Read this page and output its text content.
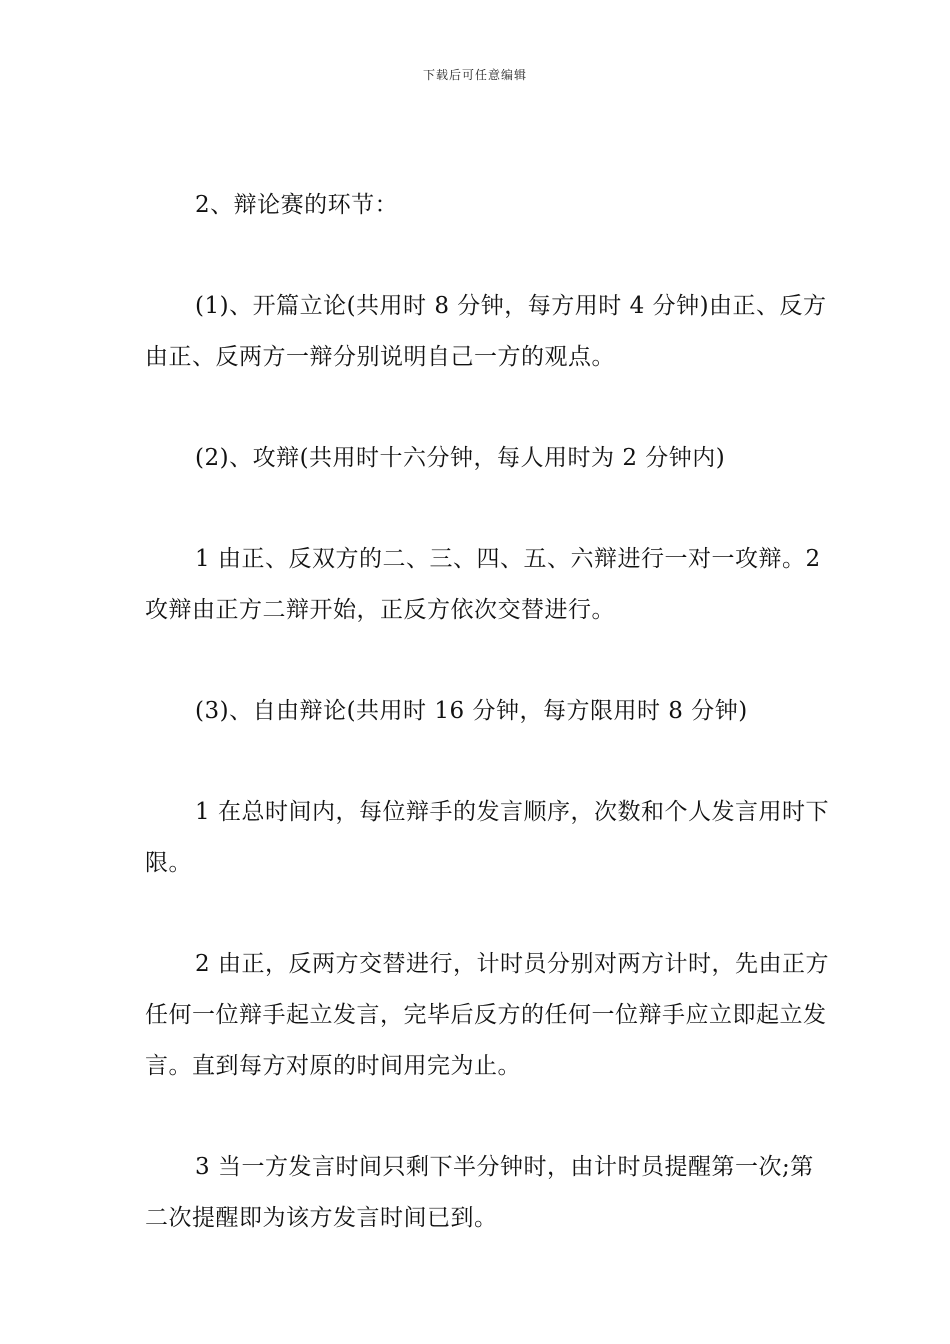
下载后可任意编辑

2、辩论赛的环节：

(1)、开篇立论(共用时 8 分钟，每方用时 4 分钟)由正、反方由正、反两方一辩分别说明自己一方的观点。

(2)、攻辩(共用时十六分钟，每人用时为 2 分钟内)

1 由正、反双方的二、三、四、五、六辩进行一对一攻辩。2 攻辩由正方二辩开始，正反方依次交替进行。

(3)、自由辩论(共用时 16 分钟，每方限用时 8 分钟)

1 在总时间内，每位辩手的发言顺序，次数和个人发言用时下限。

2 由正，反两方交替进行，计时员分别对两方计时，先由正方任何一位辩手起立发言，完毕后反方的任何一位辩手应立即起立发言。直到每方对原的时间用完为止。

3 当一方发言时间只剩下半分钟时，由计时员提醒第一次;第二次提醒即为该方发言时间已到。
